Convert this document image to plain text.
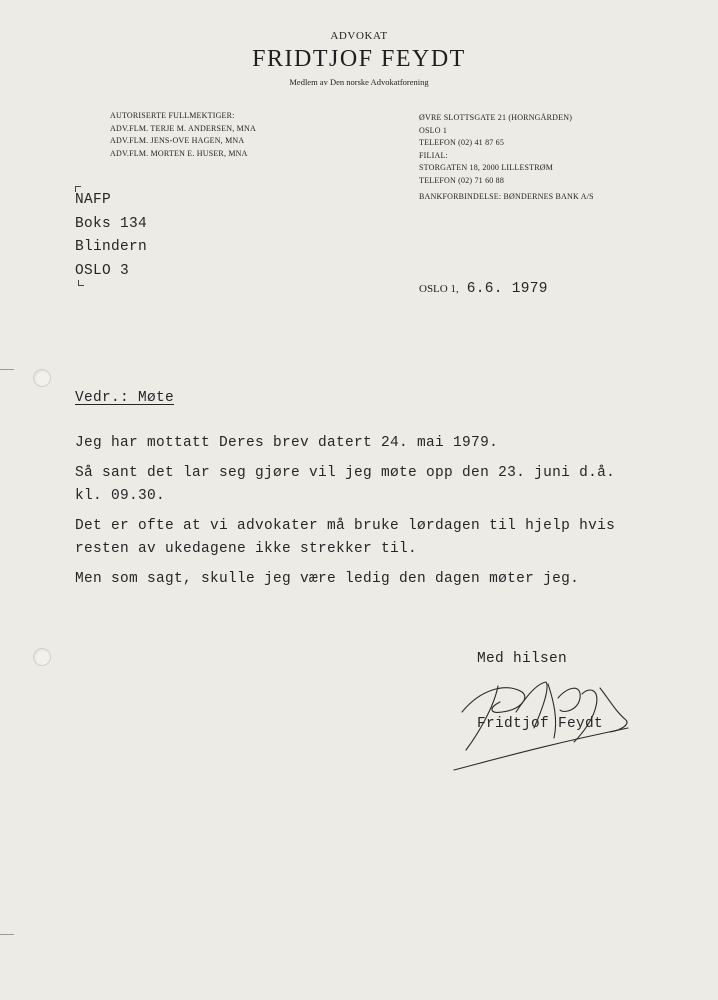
ADVOKAT

FRIDTJOF FEYDT

Medlem av Den norske Advokatforening

AUTORISERTE FULLMEKTIGER:
ADV.FLM. TERJE M. ANDERSEN, MNA
ADV.FLM. JENS-OVE HAGEN, MNA
ADV.FLM. MORTEN E. HUSER, MNA
ØVRE SLOTTSGATE 21 (HORNGÅRDEN)
OSLO 1
TELEFON (02) 41 87 65
FILIAL:
STORGATEN 18, 2000 LILLESTRØM
TELEFON (02) 71 60 88
BANKFORBINDELSE: BØNDERNES BANK A/S
NAFP
Boks 134
Blindern
OSLO 3
OSLO 1, 6.6. 1979

Vedr.: Møte

Jeg har mottatt Deres brev datert 24. mai 1979.
Så sant det lar seg gjøre vil jeg møte opp den 23. juni d.å.
kl. 09.30.
Det er ofte at vi advokater må bruke lørdagen til hjelp hvis
resten av ukedagene ikke strekker til.
Men som sagt, skulle jeg være ledig den dagen møter jeg.

Med hilsen

Fridtjof Feydt
